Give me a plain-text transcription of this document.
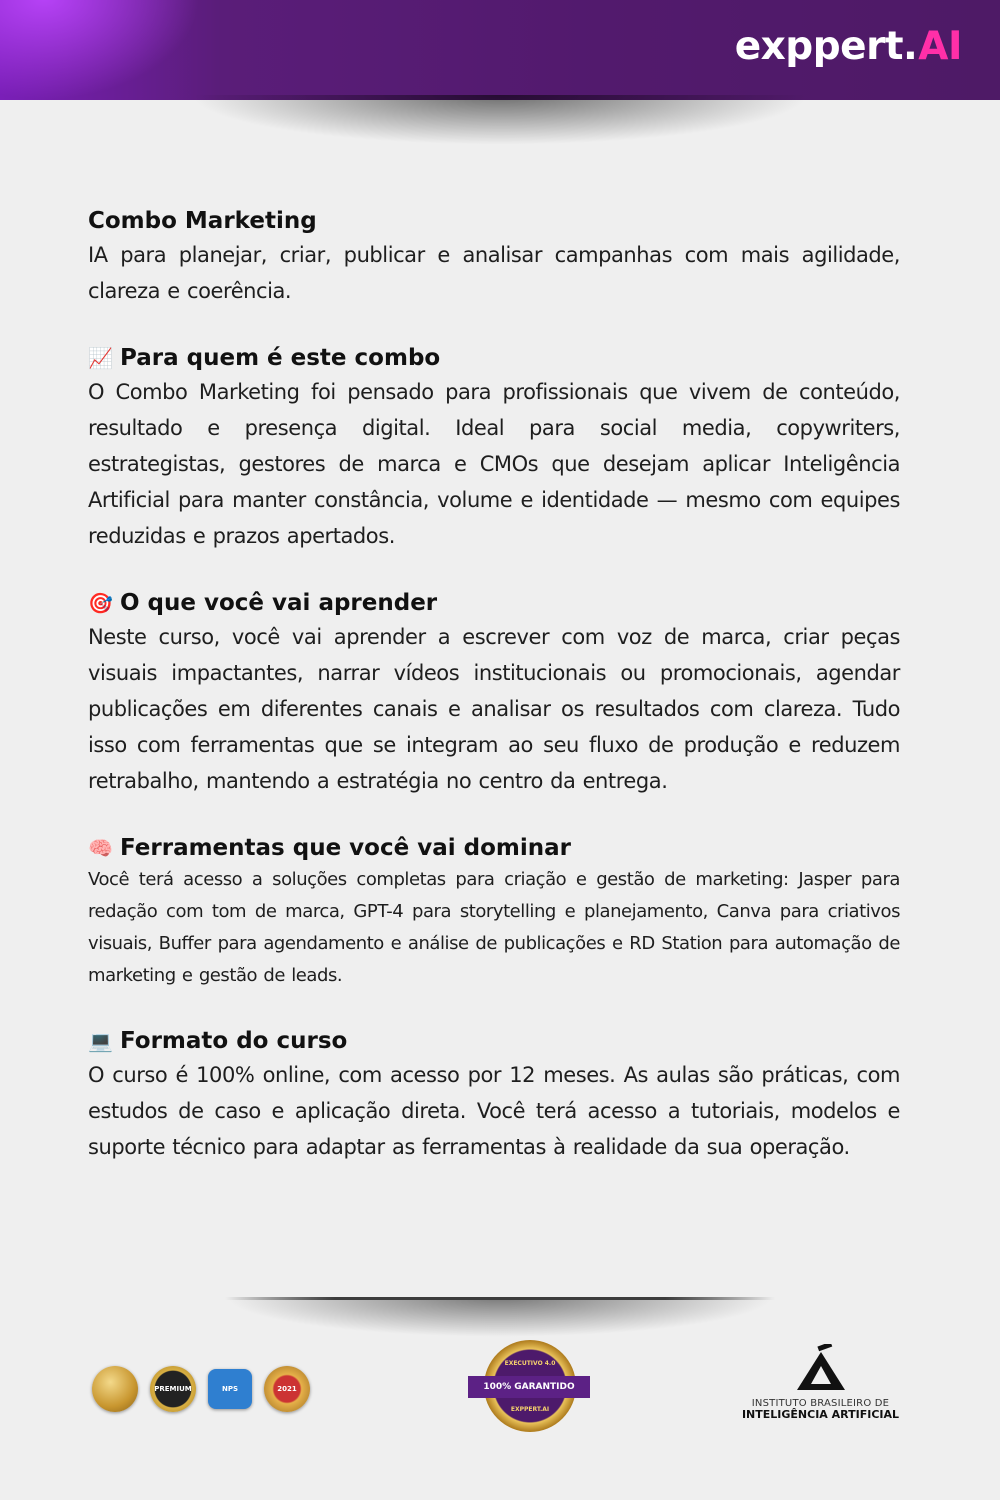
exppert. AI
Combo Marketing
IA para planejar, criar, publicar e analisar campanhas com mais agilidade, clareza e coerência.
📈 Para quem é este combo
O Combo Marketing foi pensado para profissionais que vivem de conteúdo, resultado e presença digital. Ideal para social media, copywriters, estrategistas, gestores de marca e CMOs que desejam aplicar Inteligência Artificial para manter constância, volume e identidade — mesmo com equipes reduzidas e prazos apertados.
🎯 O que você vai aprender
Neste curso, você vai aprender a escrever com voz de marca, criar peças visuais impactantes, narrar vídeos institucionais ou promocionais, agendar publicações em diferentes canais e analisar os resultados com clareza. Tudo isso com ferramentas que se integram ao seu fluxo de produção e reduzem retrabalho, mantendo a estratégia no centro da entrega.
🧠 Ferramentas que você vai dominar
Você terá acesso a soluções completas para criação e gestão de marketing: Jasper para redação com tom de marca, GPT-4 para storytelling e planejamento, Canva para criativos visuais, Buffer para agendamento e análise de publicações e RD Station para automação de marketing e gestão de leads.
💻 Formato do curso
O curso é 100% online, com acesso por 12 meses. As aulas são práticas, com estudos de caso e aplicação direta. Você terá acesso a tutoriais, modelos e suporte técnico para adaptar as ferramentas à realidade da sua operação.
PREMIUM	NPS	2021
EXECUTIVO 4.0
100% GARANTIDO
EXPPERT.AI
INSTITUTO BRASILEIRO DE
INTELIGÊNCIA ARTIFICIAL
